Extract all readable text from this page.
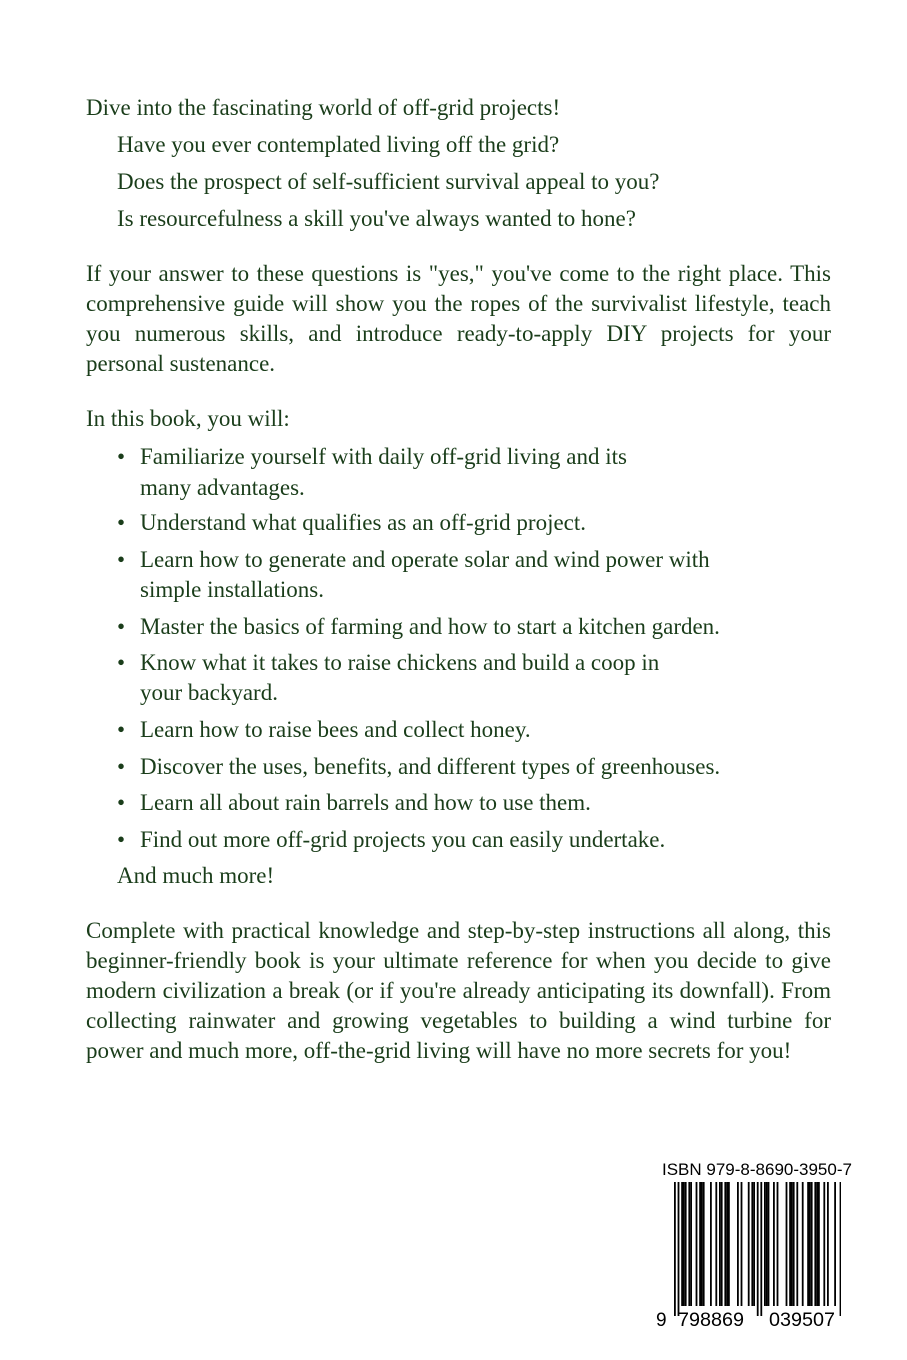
Dive into the fascinating world of off-grid projects!
Have you ever contemplated living off the grid?
Does the prospect of self-sufficient survival appeal to you?
Is resourcefulness a skill you've always wanted to hone?
If your answer to these questions is "yes," you've come to the right place. This comprehensive guide will show you the ropes of the survivalist lifestyle, teach you numerous skills, and introduce ready-to-apply DIY projects for your personal sustenance.
In this book, you will:
• Familiarize yourself with daily off-grid living and its
many advantages.
• Understand what qualifies as an off-grid project.
• Learn how to generate and operate solar and wind power with
simple installations.
• Master the basics of farming and how to start a kitchen garden.
• Know what it takes to raise chickens and build a coop in
your backyard.
• Learn how to raise bees and collect honey.
• Discover the uses, benefits, and different types of greenhouses.
• Learn all about rain barrels and how to use them.
• Find out more off-grid projects you can easily undertake.
And much more!
Complete with practical knowledge and step-by-step instructions all along, this beginner-friendly book is your ultimate reference for when you decide to give modern civilization a break (or if you're already anticipating its downfall). From collecting rainwater and growing vegetables to building a wind turbine for power and much more, off-the-grid living will have no more secrets for you!
ISBN 979-8-8690-3950-7
9 798869 039507
